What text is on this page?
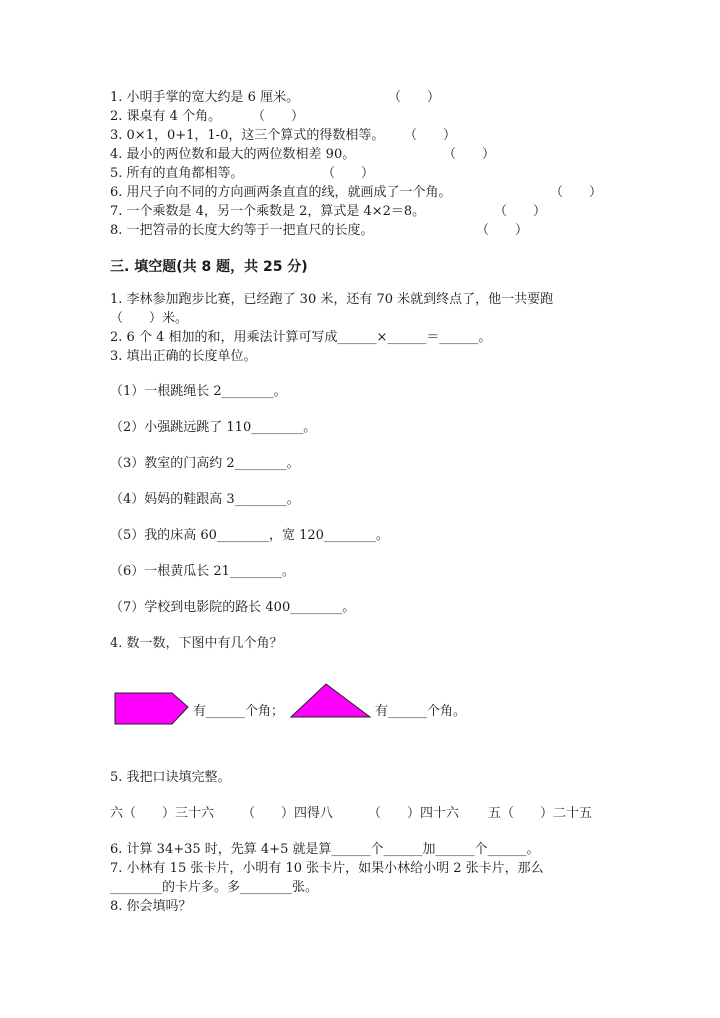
1. 小明手掌的宽大约是 6 厘米。	（　　）
2. 课桌有 4 个角。 （　　）
3. 0×1，0+1，1-0，这三个算式的得数相等。 （　　）
4. 最小的两位数和最大的两位数相差 90。	（　　）
5. 所有的直角都相等。	（　　）
6. 用尺子向不同的方向画两条直直的线，就画成了一个角。	（　　）
7. 一个乘数是 4，另一个乘数是 2，算式是 4×2＝8。	（　　）
8. 一把笤帚的长度大约等于一把直尺的长度。	（　　）
三. 填空题(共 8 题，共 25 分)
1. 李林参加跑步比赛，已经跑了 30 米，还有 70 米就到终点了，他一共要跑
（　　）米。
2. 6 个 4 相加的和，用乘法计算可写成______×______＝______。
3. 填出正确的长度单位。
（1）一根跳绳长 2________。
（2）小强跳远跳了 110________。
（3）教室的门高约 2________。
（4）妈妈的鞋跟高 3________。
（5）我的床高 60________，宽 120________。
（6）一根黄瓜长 21________。
（7）学校到电影院的路长 400________。
4. 数一数，下图中有几个角？
有______个角；	有______个角。
5. 我把口诀填完整。
六（　　）三十六 （　　）四得八	（　　）四十六 五（　　）二十五
6. 计算 34+35 时，先算 4+5 就是算______个______加______个______。
7. 小林有 15 张卡片，小明有 10 张卡片，如果小林给小明 2 张卡片，那么
________的卡片多。多________张。
8. 你会填吗？
